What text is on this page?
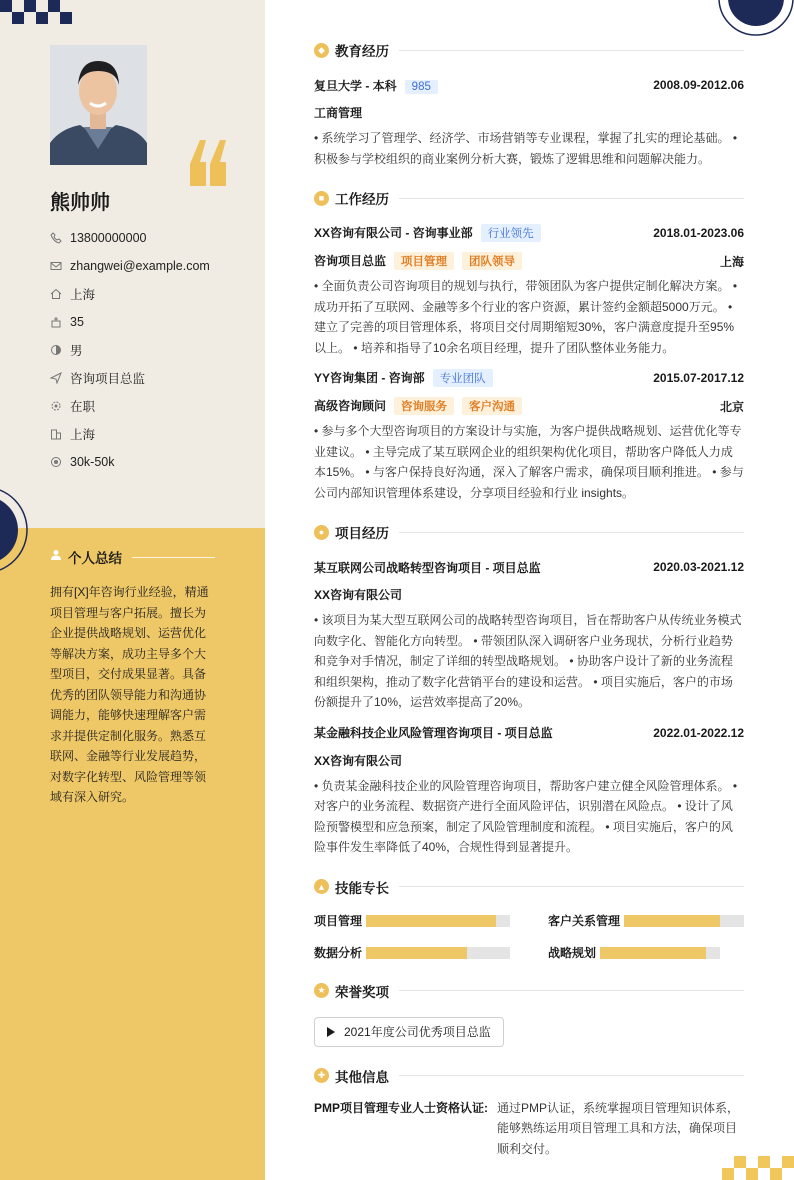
熊帅帅
13800000000
zhangwei@example.com
上海
35
男
咨询项目总监
在职
上海
30k-50k
个人总结
拥有[X]年咨询行业经验，精通项目管理与客户拓展。擅长为企业提供战略规划、运营优化等解决方案，成功主导多个大型项目，交付成果显著。具备优秀的团队领导能力和沟通协调能力，能够快速理解客户需求并提供定制化服务。熟悉互联网、金融等行业发展趋势，对数字化转型、风险管理等领域有深入研究。
◆ 教育经历
复旦大学 - 本科 985	2008.09-2012.06
工商管理
• 系统学习了管理学、经济学、市场营销等专业课程，掌握了扎实的理论基础。 • 积极参与学校组织的商业案例分析大赛，锻炼了逻辑思维和问题解决能力。
■ 工作经历
XX咨询有限公司 - 咨询事业部 行业领先	2018.01-2023.06
咨询项目总监 项目管理 团队领导	上海
• 全面负责公司咨询项目的规划与执行，带领团队为客户提供定制化解决方案。 • 成功开拓了互联网、金融等多个行业的客户资源，累计签约金额超5000万元。 • 建立了完善的项目管理体系，将项目交付周期缩短30%，客户满意度提升至95%以上。 • 培养和指导了10余名项目经理，提升了团队整体业务能力。
YY咨询集团 - 咨询部 专业团队	2015.07-2017.12
高级咨询顾问 咨询服务 客户沟通	北京
• 参与多个大型咨询项目的方案设计与实施，为客户提供战略规划、运营优化等专业建议。 • 主导完成了某互联网企业的组织架构优化项目，帮助客户降低人力成本15%。 • 与客户保持良好沟通，深入了解客户需求，确保项目顺利推进。 • 参与公司内部知识管理体系建设，分享项目经验和行业 insights。
● 项目经历
某互联网公司战略转型咨询项目 - 项目总监	2020.03-2021.12
XX咨询有限公司
• 该项目为某大型互联网公司的战略转型咨询项目，旨在帮助客户从传统业务模式向数字化、智能化方向转型。 • 带领团队深入调研客户业务现状，分析行业趋势和竞争对手情况，制定了详细的转型战略规划。 • 协助客户设计了新的业务流程和组织架构，推动了数字化营销平台的建设和运营。 • 项目实施后，客户的市场份额提升了10%，运营效率提高了20%。
某金融科技企业风险管理咨询项目 - 项目总监	2022.01-2022.12
XX咨询有限公司
• 负责某金融科技企业的风险管理咨询项目，帮助客户建立健全风险管理体系。 • 对客户的业务流程、数据资产进行全面风险评估，识别潜在风险点。 • 设计了风险预警模型和应急预案，制定了风险管理制度和流程。 • 项目实施后，客户的风险事件发生率降低了40%，合规性得到显著提升。
▲ 技能专长
项目管理	客户关系管理
数据分析	战略规划
★ 荣誉奖项
2021年度公司优秀项目总监
✚ 其他信息
PMP项目管理专业人士资格认证: 通过PMP认证，系统掌握项目管理知识体系，能够熟练运用项目管理工具和方法，确保项目顺利交付。
